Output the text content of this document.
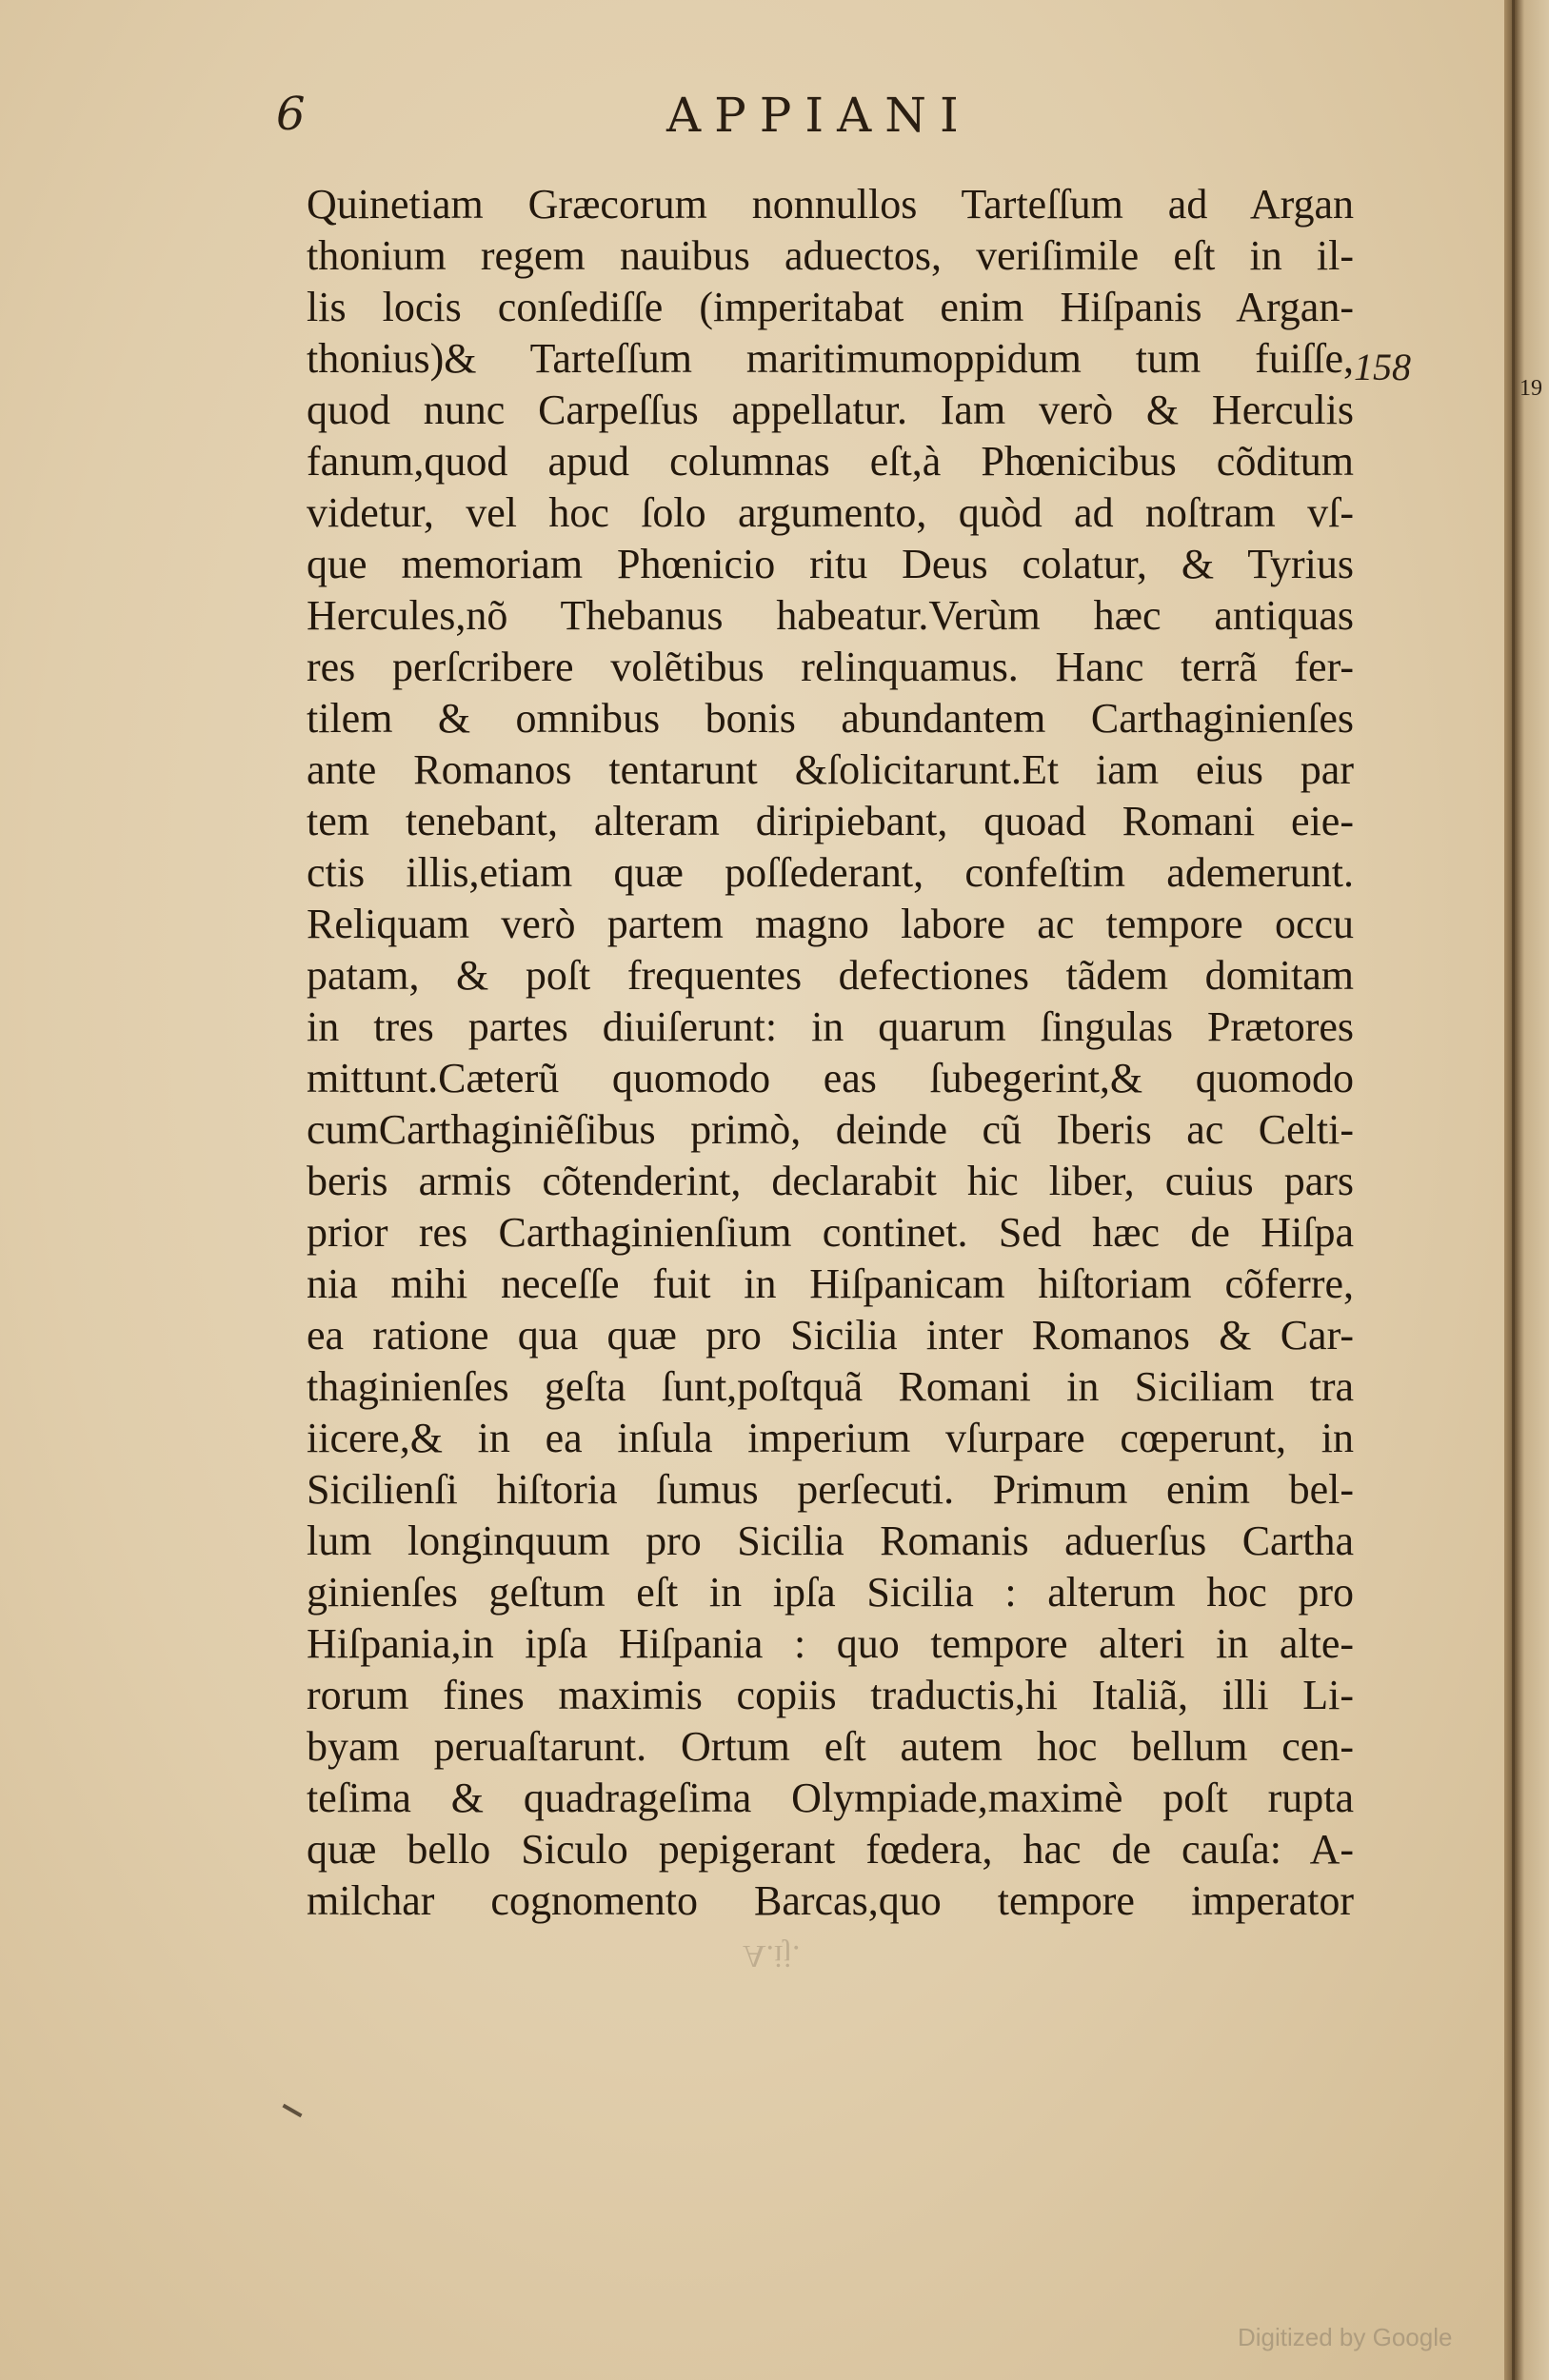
6	APPIANI
Quinetiam Græcorum nonnullos Tarteſſum ad Argan
thonium regem nauibus aduectos, veriſimile eſt in il-
lis locis conſediſſe (imperitabat enim Hiſpanis Argan-
thonius)& Tarteſſum maritimumoppidum tum fuiſſe,
quod nunc Carpeſſus appellatur. Iam verò & Herculis
fanum,quod apud columnas eſt,à Phœnicibus cõditum
videtur, vel hoc ſolo argumento, quòd ad noſtram vſ-
que memoriam Phœnicio ritu Deus colatur, & Tyrius
Hercules,nõ Thebanus habeatur.Verùm hæc antiquas
res perſcribere volẽtibus relinquamus. Hanc terrã fer-
tilem & omnibus bonis abundantem Carthaginienſes
ante Romanos tentarunt &ſolicitarunt.Et iam eius par
tem tenebant, alteram diripiebant, quoad Romani eie-
ctis illis,etiam quæ poſſederant, confeſtim ademerunt.
Reliquam verò partem magno labore ac tempore occu
patam, & poſt frequentes defectiones tãdem domitam
in tres partes diuiſerunt: in quarum ſingulas Prætores
mittunt.Cæterũ quomodo eas ſubegerint,& quomodo
cumCarthaginiẽſibus primò, deinde cũ Iberis ac Celti-
beris armis cõtenderint, declarabit hic liber, cuius pars
prior res Carthaginienſium continet. Sed hæc de Hiſpa
nia mihi neceſſe fuit in Hiſpanicam hiſtoriam cõferre,
ea ratione qua quæ pro Sicilia inter Romanos & Car-
thaginienſes geſta ſunt,poſtquã Romani in Siciliam tra
iicere,& in ea inſula imperium vſurpare cœperunt, in
Sicilienſi hiſtoria ſumus perſecuti. Primum enim bel-
lum longinquum pro Sicilia Romanis aduerſus Cartha
ginienſes geſtum eſt in ipſa Sicilia : alterum hoc pro
Hiſpania,in ipſa Hiſpania : quo tempore alteri in alte-
rorum fines maximis copiis traductis,hi Italiã, illi Li-
byam peruaſtarunt. Ortum eſt autem hoc bellum cen-
teſima & quadrageſima Olympiade,maximè poſt rupta
quæ bello Siculo pepigerant fœdera, hac de cauſa: A-
milchar cognomento Barcas,quo tempore imperator
158	19
A.ij.
Digitized by Google
